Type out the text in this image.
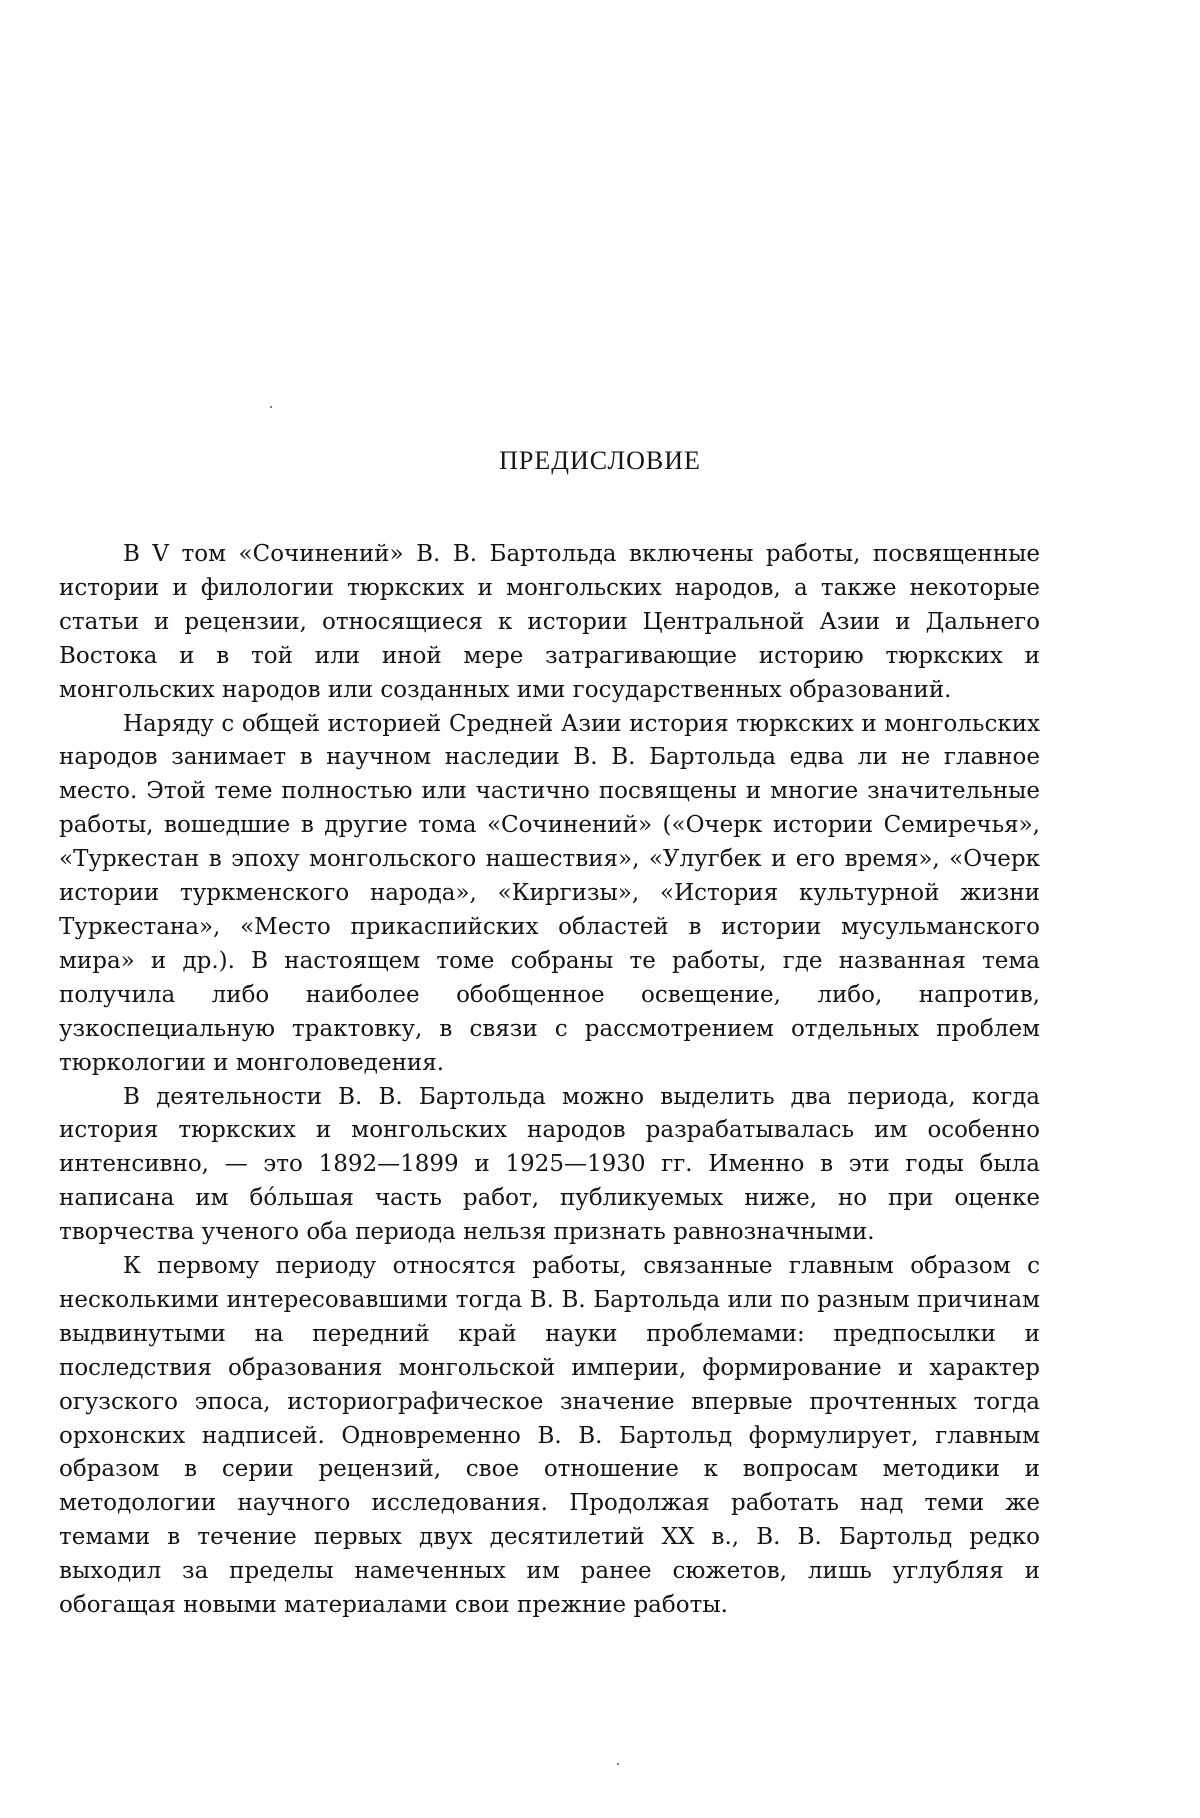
ПРЕДИСЛОВИЕ

В V том «Сочинений» В. В. Бартольда включены работы, посвященные истории и филологии тюркских и монгольских народов, а также некоторые статьи и рецензии, относящиеся к истории Центральной Азии и Дальнего Востока и в той или иной мере затрагивающие историю тюркских и монгольских народов или созданных ими государственных образований.

Наряду с общей историей Средней Азии история тюркских и монгольских народов занимает в научном наследии В. В. Бартольда едва ли не главное место. Этой теме полностью или частично посвящены и многие значительные работы, вошедшие в другие тома «Сочинений» («Очерк истории Семиречья», «Туркестан в эпоху монгольского нашествия», «Улугбек и его время», «Очерк истории туркменского народа», «Киргизы», «История культурной жизни Туркестана», «Место прикаспийских областей в истории мусульманского мира» и др.). В настоящем томе собраны те работы, где названная тема получила либо наиболее обобщенное освещение, либо, напротив, узкоспециальную трактовку, в связи с рассмотрением отдельных проблем тюркологии и монголоведения.

В деятельности В. В. Бартольда можно выделить два периода, когда история тюркских и монгольских народов разрабатывалась им особенно интенсивно, — это 1892—1899 и 1925—1930 гг. Именно в эти годы была написана им бо́льшая часть работ, публикуемых ниже, но при оценке творчества ученого оба периода нельзя признать равнозначными.

К первому периоду относятся работы, связанные главным образом с несколькими интересовавшими тогда В. В. Бартольда или по разным причинам выдвинутыми на передний край науки проблемами: предпосылки и последствия образования монгольской империи, формирование и характер огузского эпоса, историографическое значение впервые прочтенных тогда орхонских надписей. Одновременно В. В. Бартольд формулирует, главным образом в серии рецензий, свое отношение к вопросам методики и методологии научного исследования. Продолжая работать над теми же темами в течение первых двух десятилетий XX в., В. В. Бартольд редко выходил за пределы намеченных им ранее сюжетов, лишь углубляя и обогащая новыми материалами свои прежние работы.
